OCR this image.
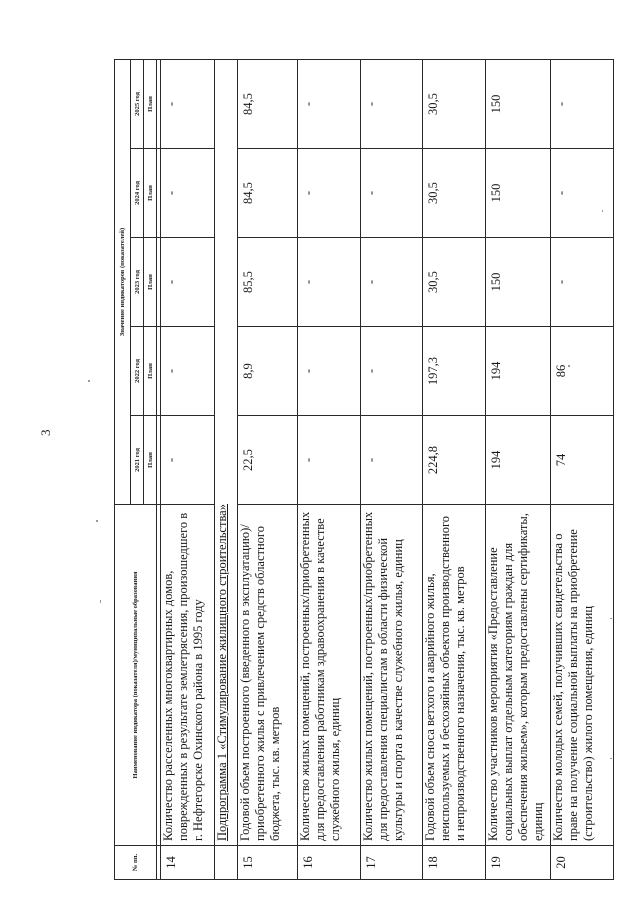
3
№ пп.	Наименование индикатора (показателя)/муниципальные образования	Значение индикаторов (показателей)				
		2021 год	2022 год	2023 год	2024 год	2025 год
		План	План	План	План	План

14	Количество расселенных многоквартирных домов, поврежденных в результате землетрясения, произошедшего в г. Нефтегорске Охинского района в 1995 году	-	-	-	-	-
	Подпрограмма 1 «Стимулирование жилищного строительства»					
15	Годовой объем построенного (введенного в эксплуатацию)/ приобретенного жилья с привлечением средств областного бюджета, тыс. кв. метров	22,5	8,9	85,5	84,5	84,5
16	Количество жилых помещений, построенных/приобретенных для предоставления работникам здравоохранения в качестве служебного жилья, единиц	-	-	-	-	-
17	Количество жилых помещений, построенных/приобретенных для предоставления специалистам в области физической культуры и спорта в качестве служебного жилья, единиц	-	-	-	-	-
18	Годовой объем сноса ветхого и аварийного жилья, неиспользуемых и бесхозяйных объектов производственного и непроизводственного назначения, тыс. кв. метров	224,8	197,3	30,5	30,5	30,5
19	Количество участников мероприятия «Предоставление социальных выплат отдельным категориям граждан для обеспечения жильем», которым предоставлены сертификаты, единиц	194	194	150	150	150
20	Количество молодых семей, получивших свидетельства о праве на получение социальной выплаты на приобретение (строительство) жилого помещения, единиц	74	86	-	-	-
